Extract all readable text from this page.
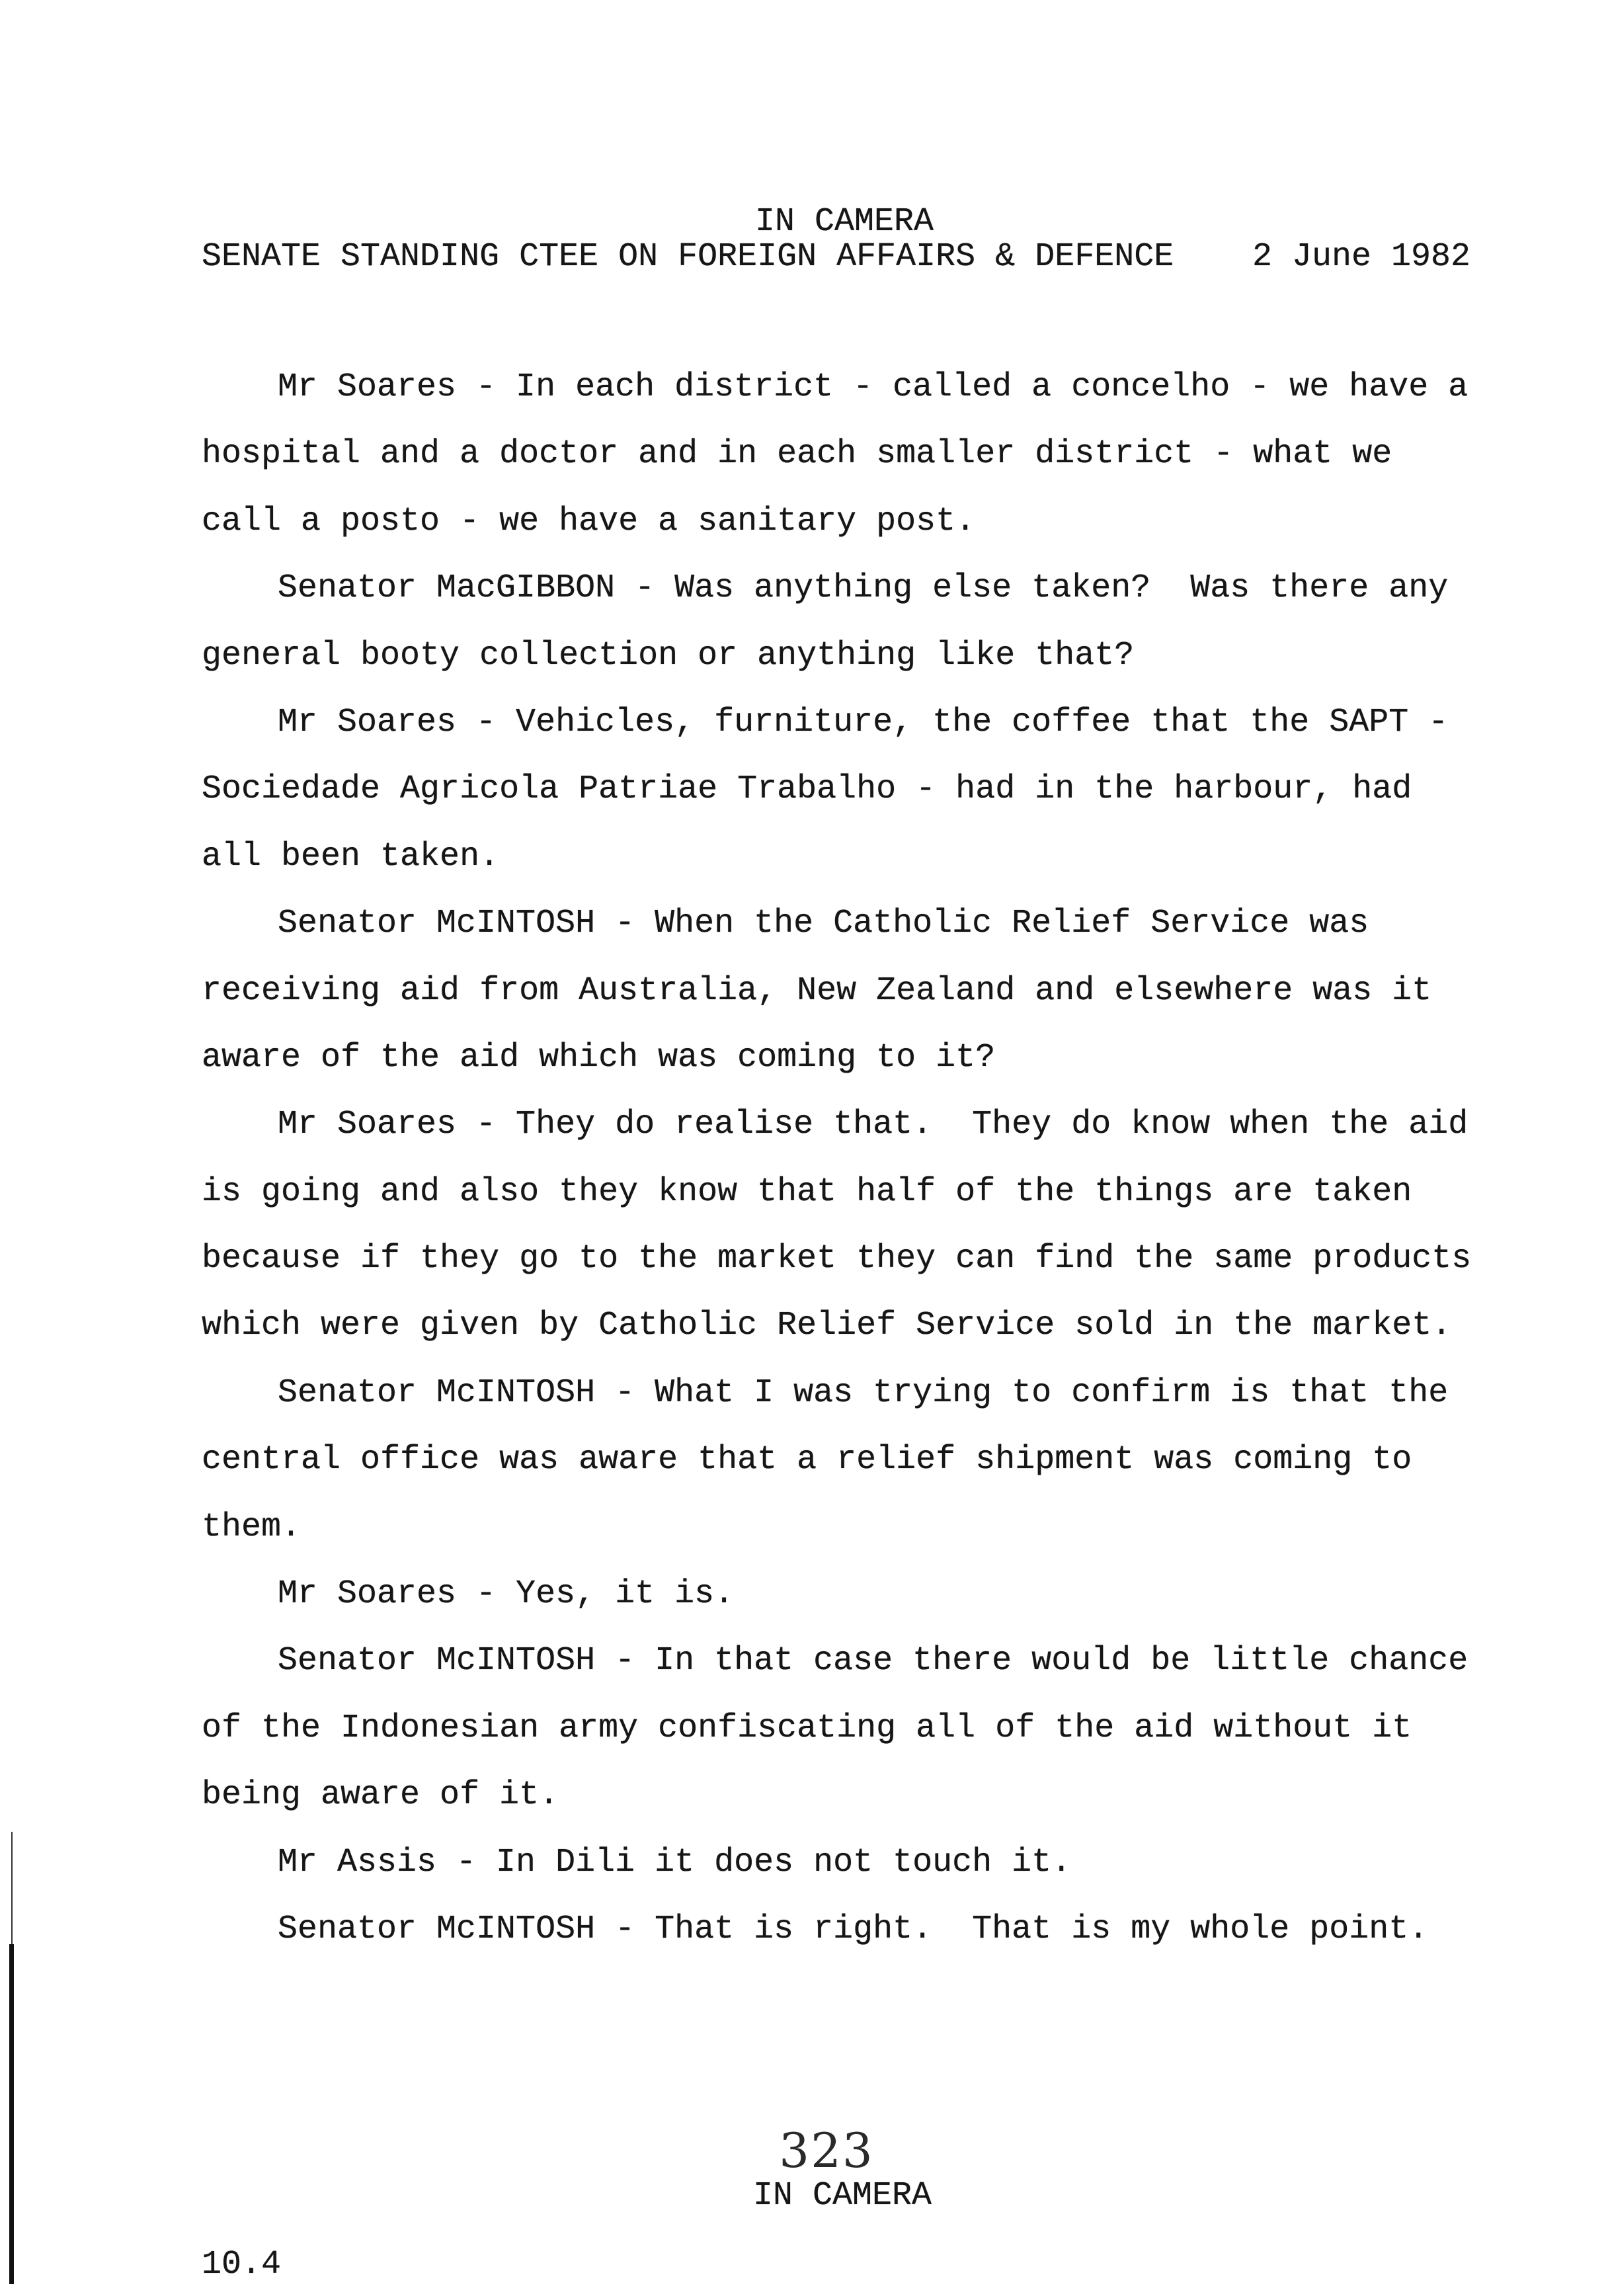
IN CAMERA
SENATE STANDING CTEE ON FOREIGN AFFAIRS & DEFENCE 2 June 1982
Mr Soares - In each district - called a concelho - we have a
hospital and a doctor and in each smaller district - what we
call a posto - we have a sanitary post.
Senator MacGIBBON - Was anything else taken?  Was there any
general booty collection or anything like that?
Mr Soares - Vehicles, furniture, the coffee that the SAPT -
Sociedade Agricola Patriae Trabalho - had in the harbour, had
all been taken.
Senator McINTOSH - When the Catholic Relief Service was
receiving aid from Australia, New Zealand and elsewhere was it
aware of the aid which was coming to it?
Mr Soares - They do realise that.  They do know when the aid
is going and also they know that half of the things are taken
because if they go to the market they can find the same products
which were given by Catholic Relief Service sold in the market.
Senator McINTOSH - What I was trying to confirm is that the
central office was aware that a relief shipment was coming to
them.
Mr Soares - Yes, it is.
Senator McINTOSH - In that case there would be little chance
of the Indonesian army confiscating all of the aid without it
being aware of it.
Mr Assis - In Dili it does not touch it.
Senator McINTOSH - That is right.  That is my whole point.
323
IN CAMERA
10.4
